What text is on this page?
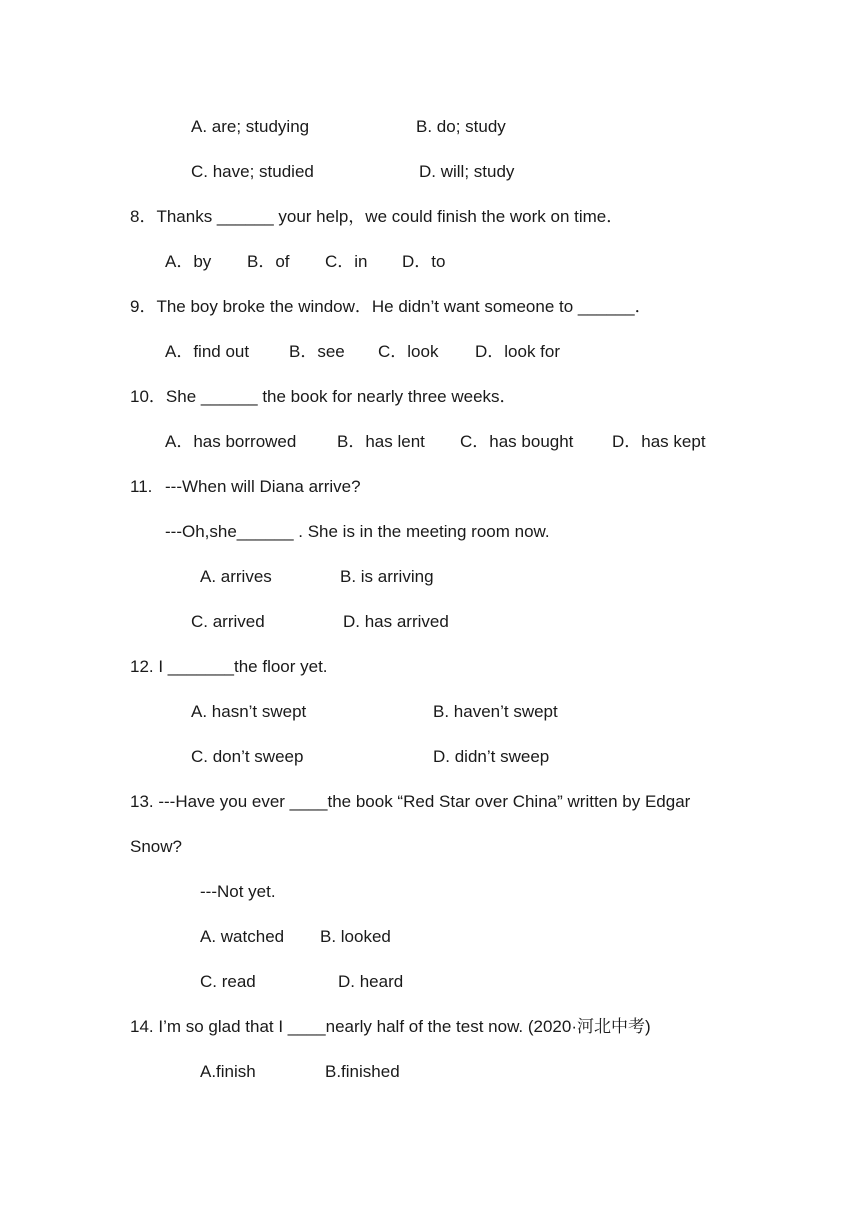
A. are; studying	B. do; study
C. have; studied	D. will; study
8．Thanks ______ your help，we could finish the work on time．
A．by B．of C．in D．to
9．The boy broke the window．He didn’t want someone to ______．
A．find out B．see C．look D．look for
10．She ______ the book for nearly three weeks．
A．has borrowed B．has lent C．has bought D．has kept
11. ---When will Diana arrive?
---Oh,she______ . She is in the meeting room now.
A. arrives	B. is arriving
C. arrived	D. has arrived
12. I _______the floor yet.
A. hasn’t swept	B. haven’t swept
C. don’t sweep	D. didn’t sweep
13. ---Have you ever ____the book “Red Star over China” written by Edgar
Snow?
---Not yet.
A. watched B. looked
C. read	D. heard
14. I’m so glad that I ____nearly half of the test now. (2020·河北中考)
A.finish	B.finished
